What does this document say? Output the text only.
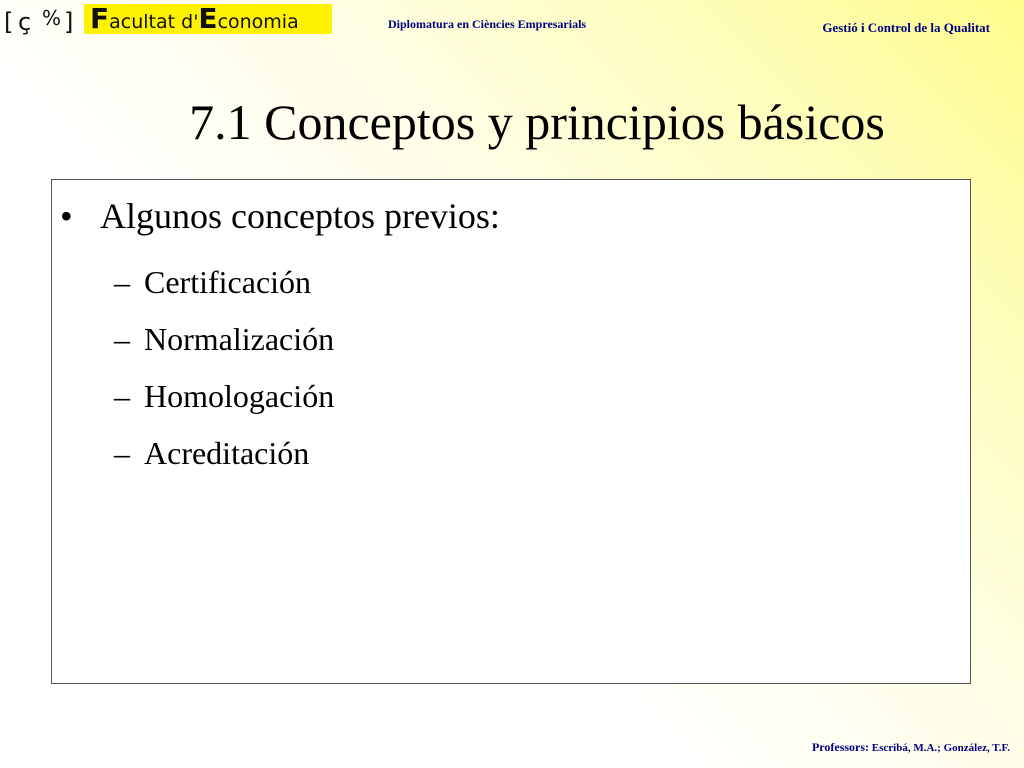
[ ç % ] Facultat d'Economia	Diplomatura en Ciències Empresarials	Gestió i Control de la Qualitat
7.1 Conceptos y principios básicos
• Algunos conceptos previos:
– Certificación
– Normalización
– Homologación
– Acreditación
Professors: Escribá, M.A.; González, T.F.
